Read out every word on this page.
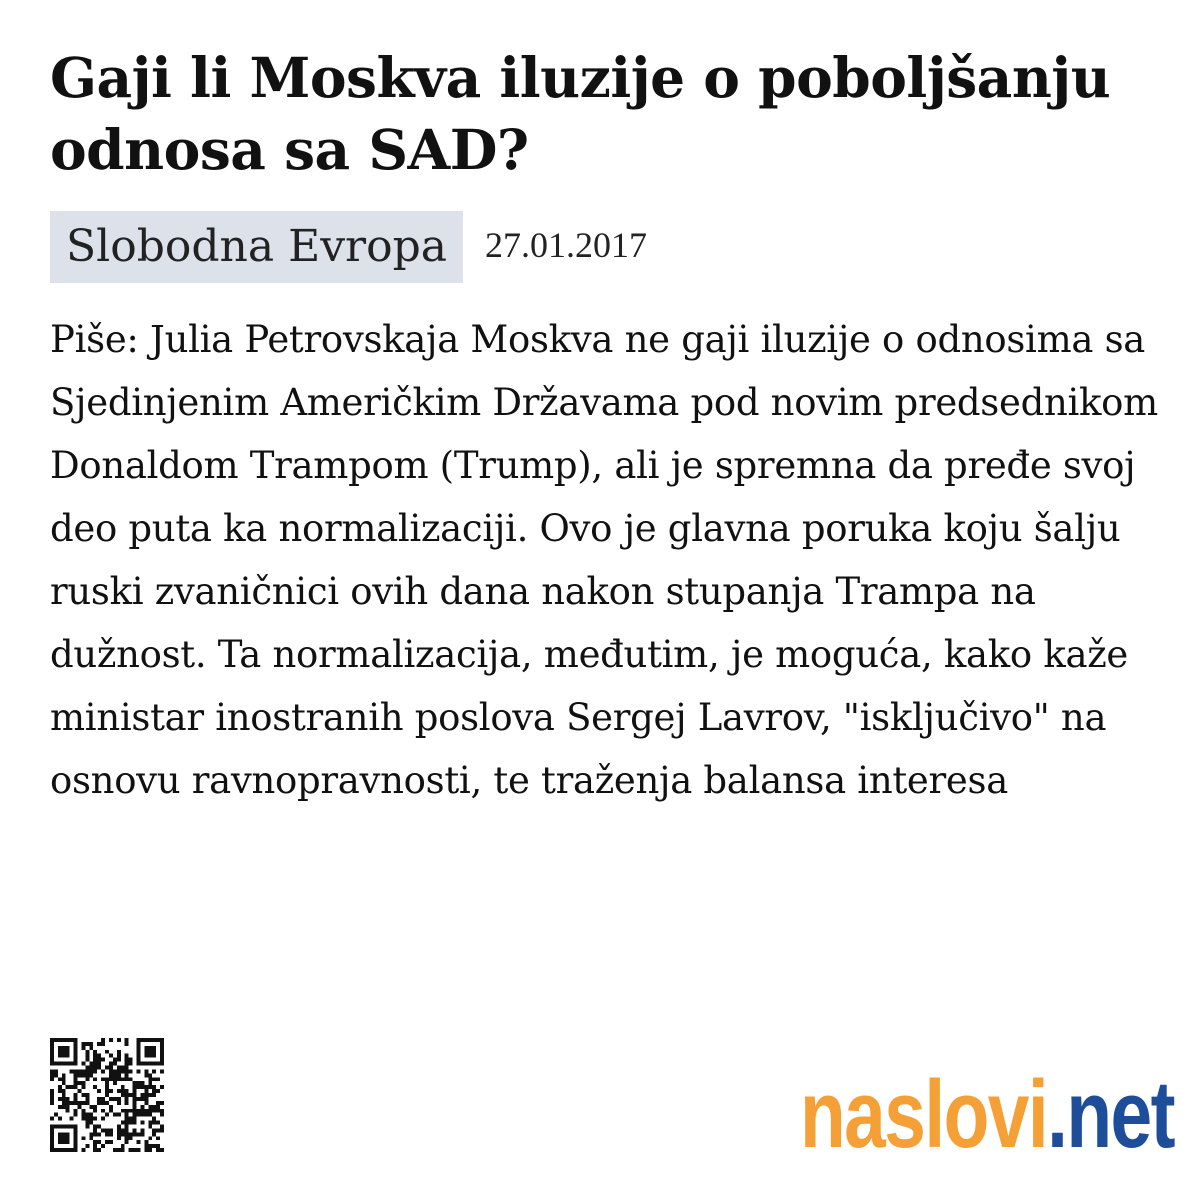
Gaji li Moskva iluzije o poboljšanju odnosa sa SAD?
Slobodna Evropa	27.01.2017

Piše: Julia Petrovskaja Moskva ne gaji iluzije o odnosima sa Sjedinjenim Američkim Državama pod novim predsednikom Donaldom Trampom (Trump), ali je spremna da pređe svoj deo puta ka normalizaciji. Ovo je glavna poruka koju šalju ruski zvaničnici ovih dana nakon stupanja Trampa na dužnost. Ta normalizacija, međutim, je moguća, kako kaže ministar inostranih poslova Sergej Lavrov, "isključivo" na osnovu ravnopravnosti, te traženja balansa interesa

naslovi.net
